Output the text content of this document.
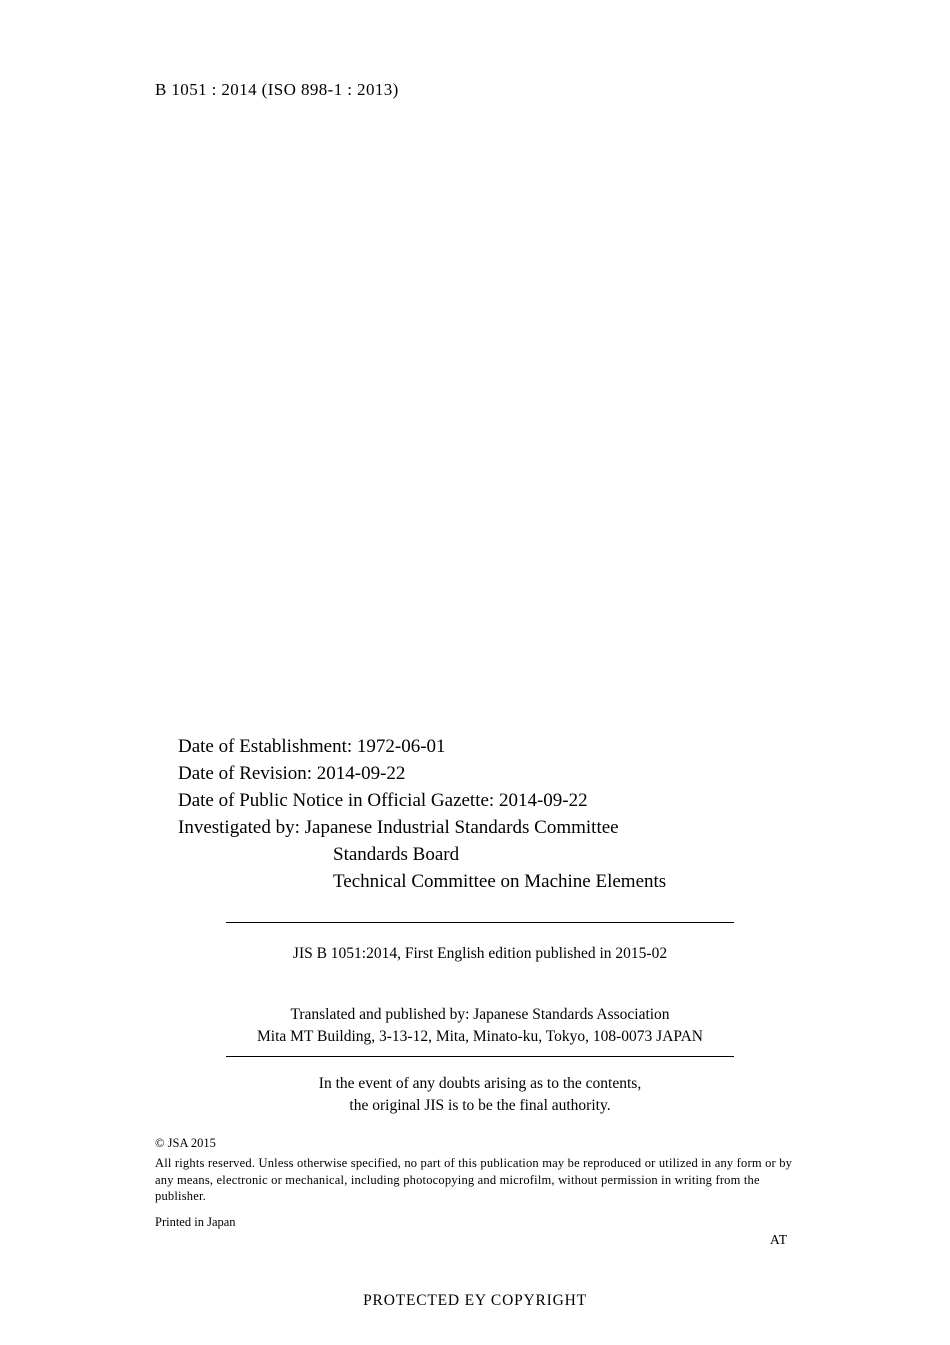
B 1051 : 2014 (ISO 898-1 : 2013)
Date of Establishment: 1972-06-01
Date of Revision: 2014-09-22
Date of Public Notice in Official Gazette: 2014-09-22
Investigated by: Japanese Industrial Standards Committee
Standards Board
Technical Committee on Machine Elements
JIS B 1051:2014, First English edition published in 2015-02
Translated and published by: Japanese Standards Association
Mita MT Building, 3-13-12, Mita, Minato-ku, Tokyo, 108-0073 JAPAN
In the event of any doubts arising as to the contents,
the original JIS is to be the final authority.
© JSA 2015
All rights reserved. Unless otherwise specified, no part of this publication may be reproduced or utilized in any form or by any means, electronic or mechanical, including photocopying and microfilm, without permission in writing from the publisher.
Printed in Japan
AT
PROTECTED EY COPYRIGHT
